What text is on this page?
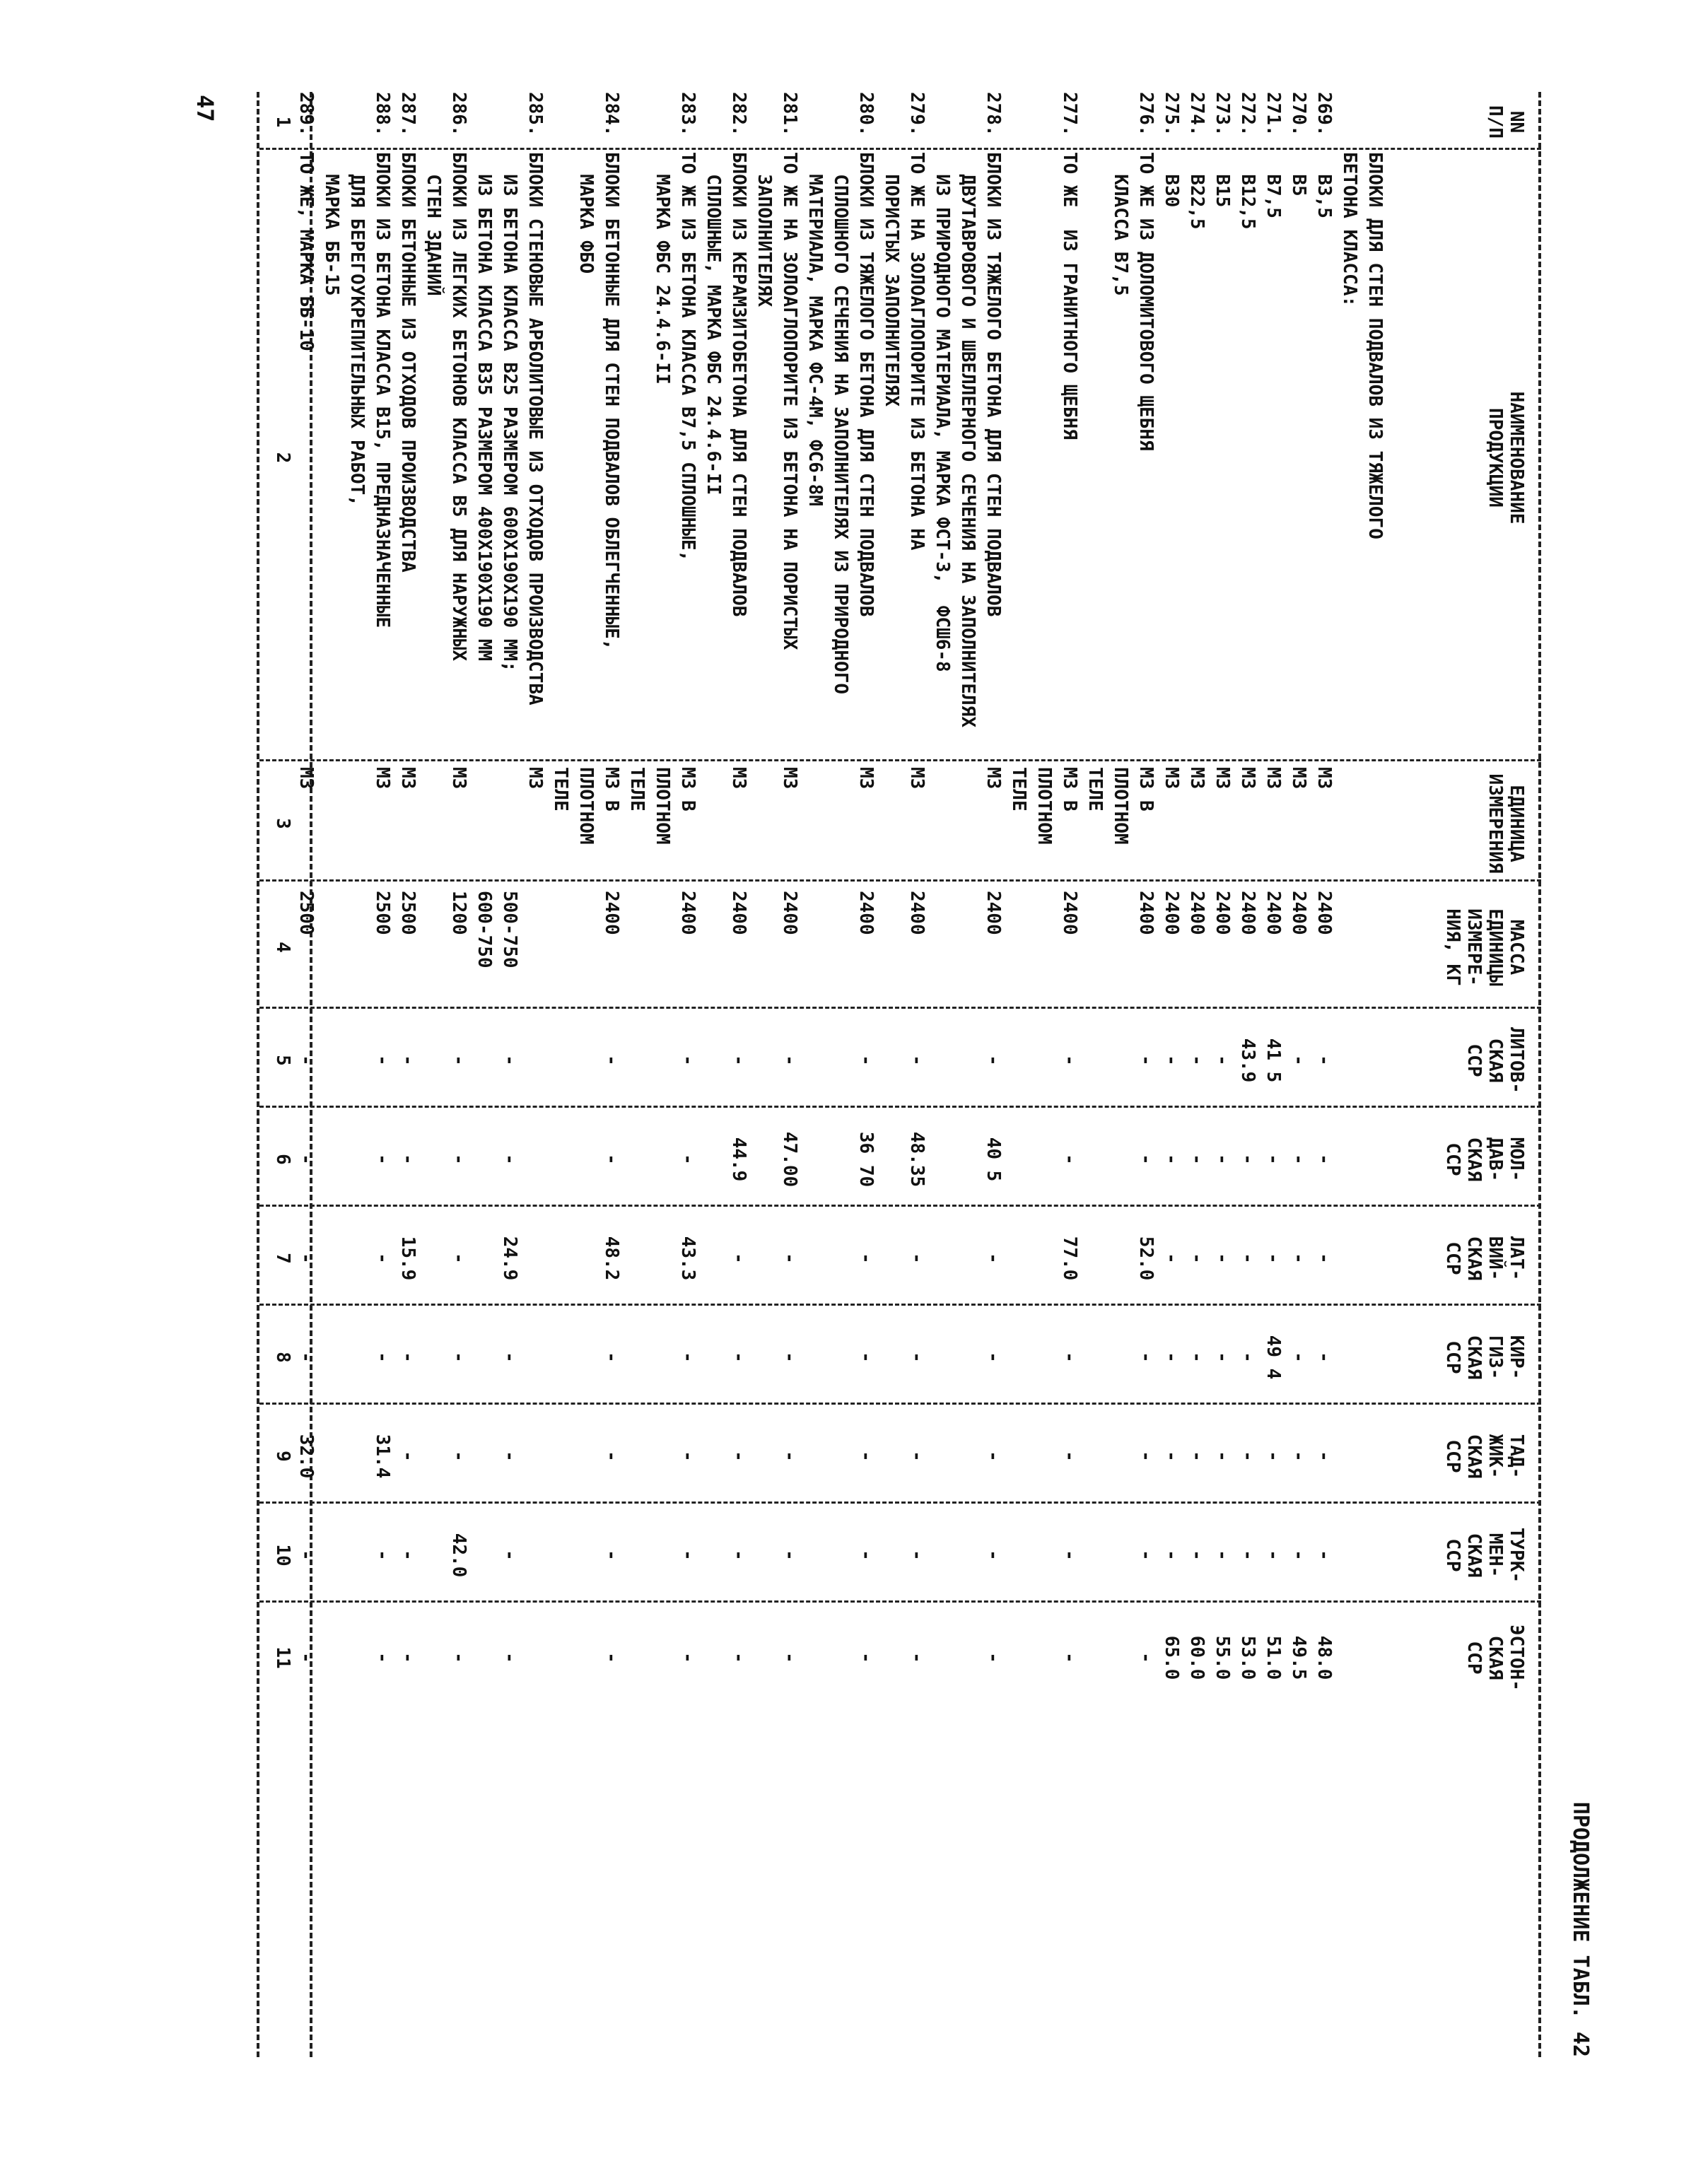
ПРОДОЛЖЕНИЕ ТАБЛ. 42
NN
П/П
НАИМЕНОВАНИЕ
ПРОДУКЦИИ
ЕДИНИЦА
ИЗМЕРЕНИЯ
МАССА
ЕДИНИЦЫ
ИЗМЕРЕ-
НИЯ, КГ
ЛИТОВ-
СКАЯ
ССР
МОЛ-
ДАВ-
СКАЯ
ССР
ЛАТ-
ВИЙ-
СКАЯ
ССР
КИР-
ГИЗ-
СКАЯ
ССР
ТАД-
ЖИК-
СКАЯ
ССР
ТУРК-
МЕН-
СКАЯ
ССР
ЭСТОН-
СКАЯ
ССР
1
2
3
4
5
6
7
8
9
10
11
БЛОКИ ДЛЯ СТЕН ПОДВАЛОВ ИЗ ТЯЖЕЛОГО
БЕТОНА КЛАССА:
269.
В3,5
М3
2400
-
-
-
-
-
-
48.0
270.
В5
М3
2400
-
-
-
-
-
-
49.5
271.
В7,5
М3
2400
41 5
-
-
49 4
-
-
51.0
272.
В12,5
М3
2400
43.9
-
-
-
-
-
53.0
273.
В15
М3
2400
-
-
-
-
-
-
55.0
274.
В22,5
М3
2400
-
-
-
-
-
-
60.0
275.
В30
М3
2400
-
-
-
-
-
-
65.0
276.
ТО ЖЕ ИЗ ДОЛОМИТОВОГО ЩЕБНЯ
М3 В
2400
-
-
52.0
-
-
-
-
КЛАССА В7,5
ПЛОТНОМ
ТЕЛЕ
277.
ТО ЖЕ  ИЗ ГРАНИТНОГО ЩЕБНЯ
М3 В
2400
-
-
77.0
-
-
-
-
ПЛОТНОМ
ТЕЛЕ
278.
БЛОКИ ИЗ ТЯЖЕЛОГО БЕТОНА ДЛЯ СТЕН ПОДВАЛОВ
М3
2400
-
40 5
-
-
-
-
-
ДВУТАВРОВОГО И ШВЕЛЛЕРНОГО СЕЧЕНИЯ НА ЗАПОЛНИТЕЛЯХ
ИЗ ПРИРОДНОГО МАТЕРИАЛА, МАРКА ФСТ-3,  ФСШ6-8
279.
ТО ЖЕ НА ЗОЛОАГЛОПОРИТЕ ИЗ БЕТОНА НА
М3
2400
-
48.35
-
-
-
-
-
ПОРИСТЫХ ЗАПОЛНИТЕЛЯХ
280.
БЛОКИ ИЗ ТЯЖЕЛОГО БЕТОНА ДЛЯ СТЕН ПОДВАЛОВ
М3
2400
-
36 70
-
-
-
-
-
СПЛОШНОГО СЕЧЕНИЯ НА ЗАПОЛНИТЕЛЯХ ИЗ ПРИРОДНОГО
МАТЕРИАЛА, МАРКА ФС-4М, ФС6-8М
281.
ТО ЖЕ НА ЗОЛОАГЛОПОРИТЕ ИЗ БЕТОНА НА ПОРИСТЫХ
М3
2400
-
47.00
-
-
-
-
-
ЗАПОЛНИТЕЛЯХ
282.
БЛОКИ ИЗ КЕРАМЗИТОБЕТОНА ДЛЯ СТЕН ПОДВАЛОВ
М3
2400
-
44.9
-
-
-
-
-
СПЛОШНЫЕ, МАРКА ФБС 24.4.6-II
283.
ТО ЖЕ ИЗ БЕТОНА КЛАССА В7,5 СПЛОШНЫЕ,
М3 В
2400
-
-
43.3
-
-
-
-
МАРКА ФБС 24.4.6-II
ПЛОТНОМ
ТЕЛЕ
284.
БЛОКИ БЕТОННЫЕ ДЛЯ СТЕН ПОДВАЛОВ ОБЛЕГЧЕННЫЕ,
М3 В
2400
-
-
48.2
-
-
-
-
МАРКА ФБО
ПЛОТНОМ
ТЕЛЕ
285.
БЛОКИ СТЕНОВЫЕ АРБОЛИТОВЫЕ ИЗ ОТХОДОВ ПРОИЗВОДСТВА
М3
ИЗ БЕТОНА КЛАССА В25 РАЗМЕРОМ 600Х190Х190 ММ;
500-750
-
-
24.9
-
-
-
-
ИЗ БЕТОНА КЛАССА В35 РАЗМЕРОМ 400Х190Х190 ММ
600-750
286.
БЛОКИ ИЗ ЛЕГКИХ БЕТОНОВ КЛАССА В5 ДЛЯ НАРУЖНЫХ
М3
1200
-
-
-
-
-
42.0
-
СТЕН ЗДАНИЙ
287.
БЛОКИ БЕТОННЫЕ ИЗ ОТХОДОВ ПРОИЗВОДСТВА
М3
2500
-
-
15.9
-
-
-
-
288.
БЛОКИ ИЗ БЕТОНА КЛАССА В15, ПРЕДНАЗНАЧЕННЫЕ
М3
2500
-
-
-
-
31.4
-
-
ДЛЯ БЕРЕГОУКРЕПИТЕЛЬНЫХ РАБОТ,
МАРКА ББ-15
289.
ТО ЖЕ, МАРКА ББ-10
М3
2500
-
-
-
-
32.0
-
-
47
